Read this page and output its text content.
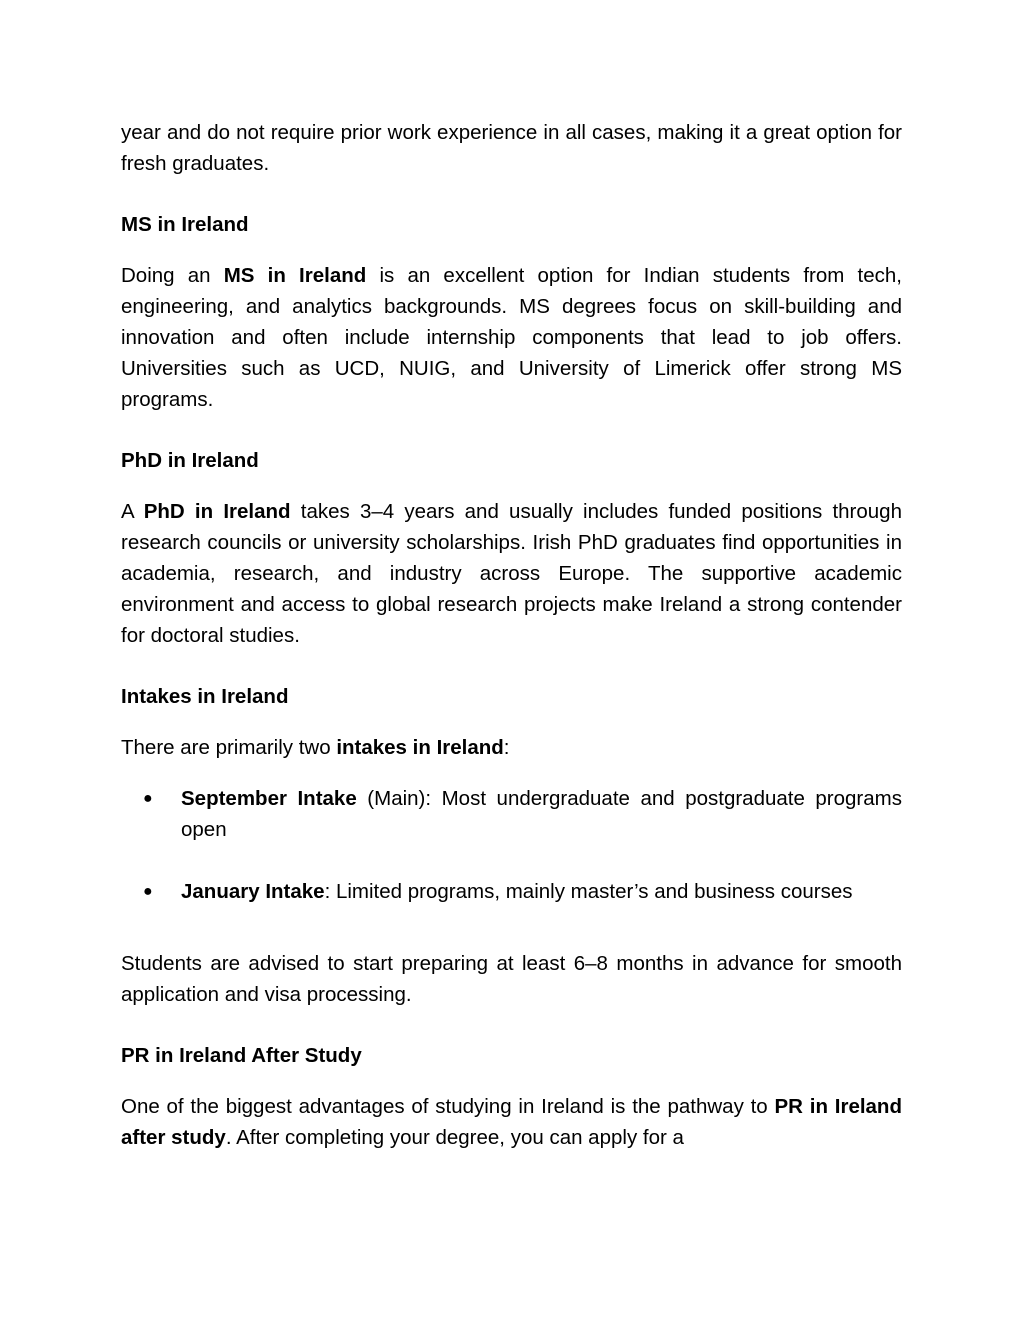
year and do not require prior work experience in all cases, making it a great option for fresh graduates.

MS in Ireland

Doing an MS in Ireland is an excellent option for Indian students from tech, engineering, and analytics backgrounds. MS degrees focus on skill-building and innovation and often include internship components that lead to job offers. Universities such as UCD, NUIG, and University of Limerick offer strong MS programs.

PhD in Ireland

A PhD in Ireland takes 3–4 years and usually includes funded positions through research councils or university scholarships. Irish PhD graduates find opportunities in academia, research, and industry across Europe. The supportive academic environment and access to global research projects make Ireland a strong contender for doctoral studies.

Intakes in Ireland

There are primarily two intakes in Ireland:

● September Intake (Main): Most undergraduate and postgraduate programs open
● January Intake: Limited programs, mainly master’s and business courses

Students are advised to start preparing at least 6–8 months in advance for smooth application and visa processing.

PR in Ireland After Study

One of the biggest advantages of studying in Ireland is the pathway to PR in Ireland after study. After completing your degree, you can apply for a
